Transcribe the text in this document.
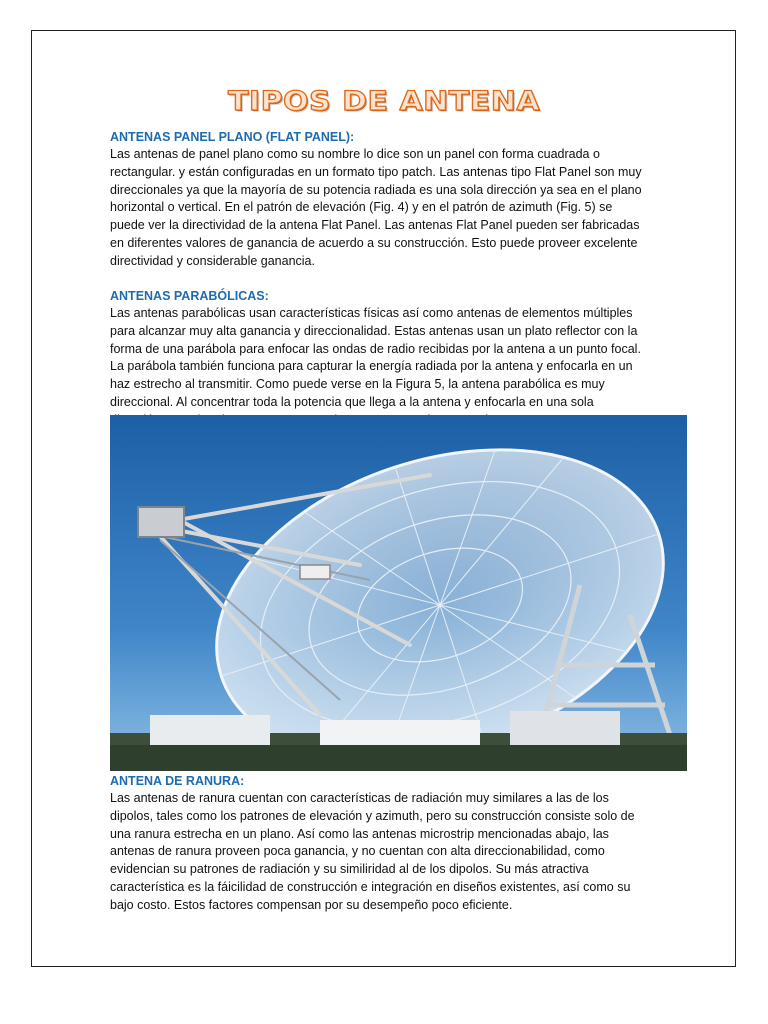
TIPOS DE ANTENA
ANTENAS PANEL PLANO (FLAT PANEL):

Las antenas de panel plano como su nombre lo dice son un panel con forma cuadrada o rectangular. y están configuradas en un formato tipo patch. Las antenas tipo Flat Panel son muy direccionales ya que la mayoría de su potencia radiada es una sola dirección ya sea en el plano horizontal o vertical. En el patrón de elevación (Fig. 4) y en el patrón de azimuth (Fig. 5) se puede ver la directividad de la antena Flat Panel. Las antenas Flat Panel pueden ser fabricadas en diferentes valores de ganancia de acuerdo a su construcción. Esto puede proveer excelente directividad y considerable ganancia.

ANTENAS PARABÓLICAS:

Las antenas parabólicas usan características físicas así como antenas de elementos múltiples para alcanzar muy alta ganancia y direccionalidad. Estas antenas usan un plato reflector con la forma de una parábola para enfocar las ondas de radio recibidas por la antena a un punto focal. La parábola también funciona para capturar la energía radiada por la antena y enfocarla en un haz estrecho al transmitir. Como puede verse en la Figura 5, la antena parabólica es muy direccional. Al concentrar toda la potencia que llega a la antena y enfocarla en una sola

ANTENA DE RANURA:

Las antenas de ranura cuentan con características de radiación muy similares a las de los dipolos, tales como los patrones de elevación y azimuth, pero su construcción consiste solo de una ranura estrecha en un plano. Así como las antenas microstrip mencionadas abajo, las antenas de ranura proveen poca ganancia, y no cuentan con alta direccionabilidad, como evidencian su patrones de radiación y su similiridad al de los dipolos. Su más atractiva característica es la fáicilidad de construcción e integración en diseños existentes, así como su bajo costo. Estos factores compensan por su desempeño poco eficiente.
